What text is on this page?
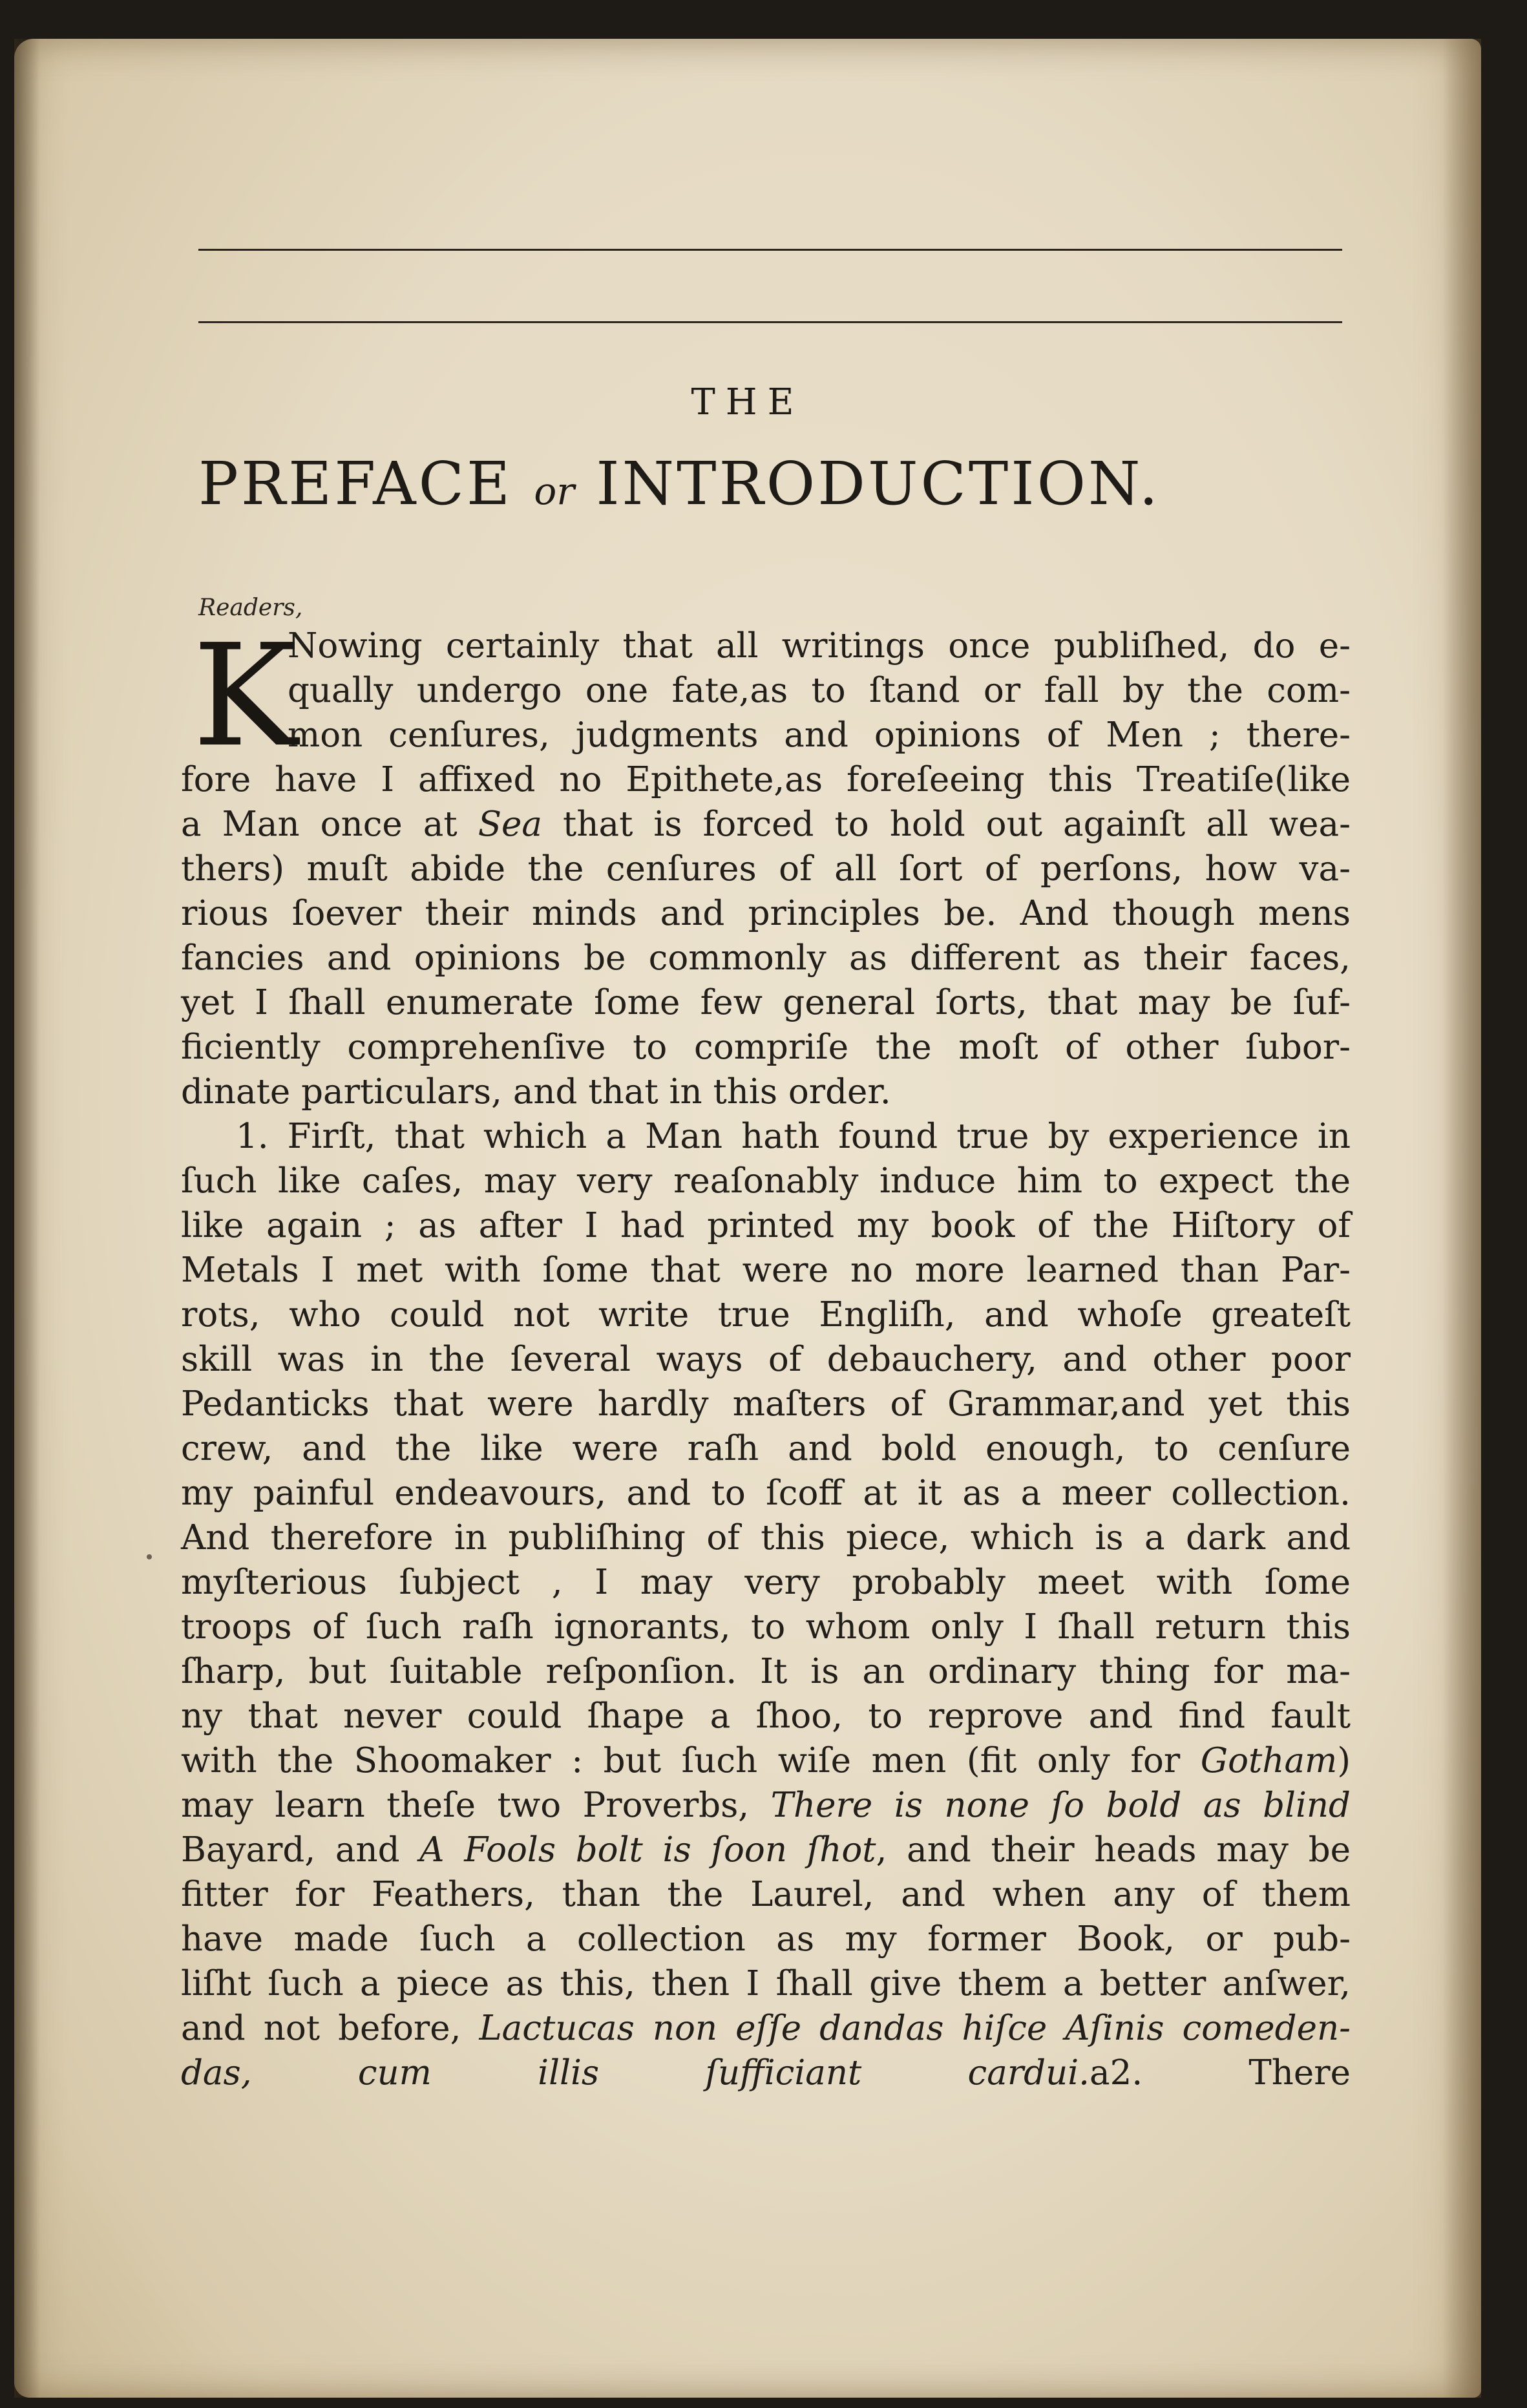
THE
PREFACE or INTRODUCTION.
Readers,
K
Nowing certainly that all writings once publiſhed, do e-
qually undergo one fate,as to ſtand or fall by the com-
mon cenſures, judgments and opinions of Men ; there-
fore have I affixed no Epithete,as foreſeeing this Treatiſe(like
a Man once at Sea that is forced to hold out againſt all wea-
thers) muſt abide the cenſures of all ſort of perſons, how va-
rious ſoever their minds and principles be. And though mens
fancies and opinions be commonly as different as their faces,
yet I ſhall enumerate ſome few general ſorts, that may be ſuf-
ficiently comprehenſive to compriſe the moſt of other ſubor-
dinate particulars, and that in this order.
1. Firſt, that which a Man hath found true by experience in
ſuch like caſes, may very reaſonably induce him to expect the
like again ; as after I had printed my book of the Hiſtory of
Metals I met with ſome that were no more learned than Par-
rots, who could not write true Engliſh, and whoſe greateſt
skill was in the ſeveral ways of debauchery, and other poor
Pedanticks that were hardly maſters of Grammar,and yet this
crew, and the like were raſh and bold enough, to cenſure
my painful endeavours, and to ſcoff at it as a meer collection.
And therefore in publiſhing of this piece, which is a dark and
myſterious ſubject , I may very probably meet with ſome
troops of ſuch raſh ignorants, to whom only I ſhall return this
ſharp, but ſuitable reſponſion. It is an ordinary thing for ma-
ny that never could ſhape a ſhoo, to reprove and find fault
with the Shoomaker : but ſuch wiſe men (fit only for Gotham)
may learn theſe two Proverbs, There is none ſo bold as blind
Bayard, and A Fools bolt is ſoon ſhot, and their heads may be
fitter for Feathers, than the Laurel, and when any of them
have made ſuch a collection as my former Book, or pub-
liſht ſuch a piece as this, then I ſhall give them a better anſwer,
and not before, Lactucas non eſſe dandas hiſce Aſinis comeden-
das, cum illis ſufficiant cardui.a2. There
